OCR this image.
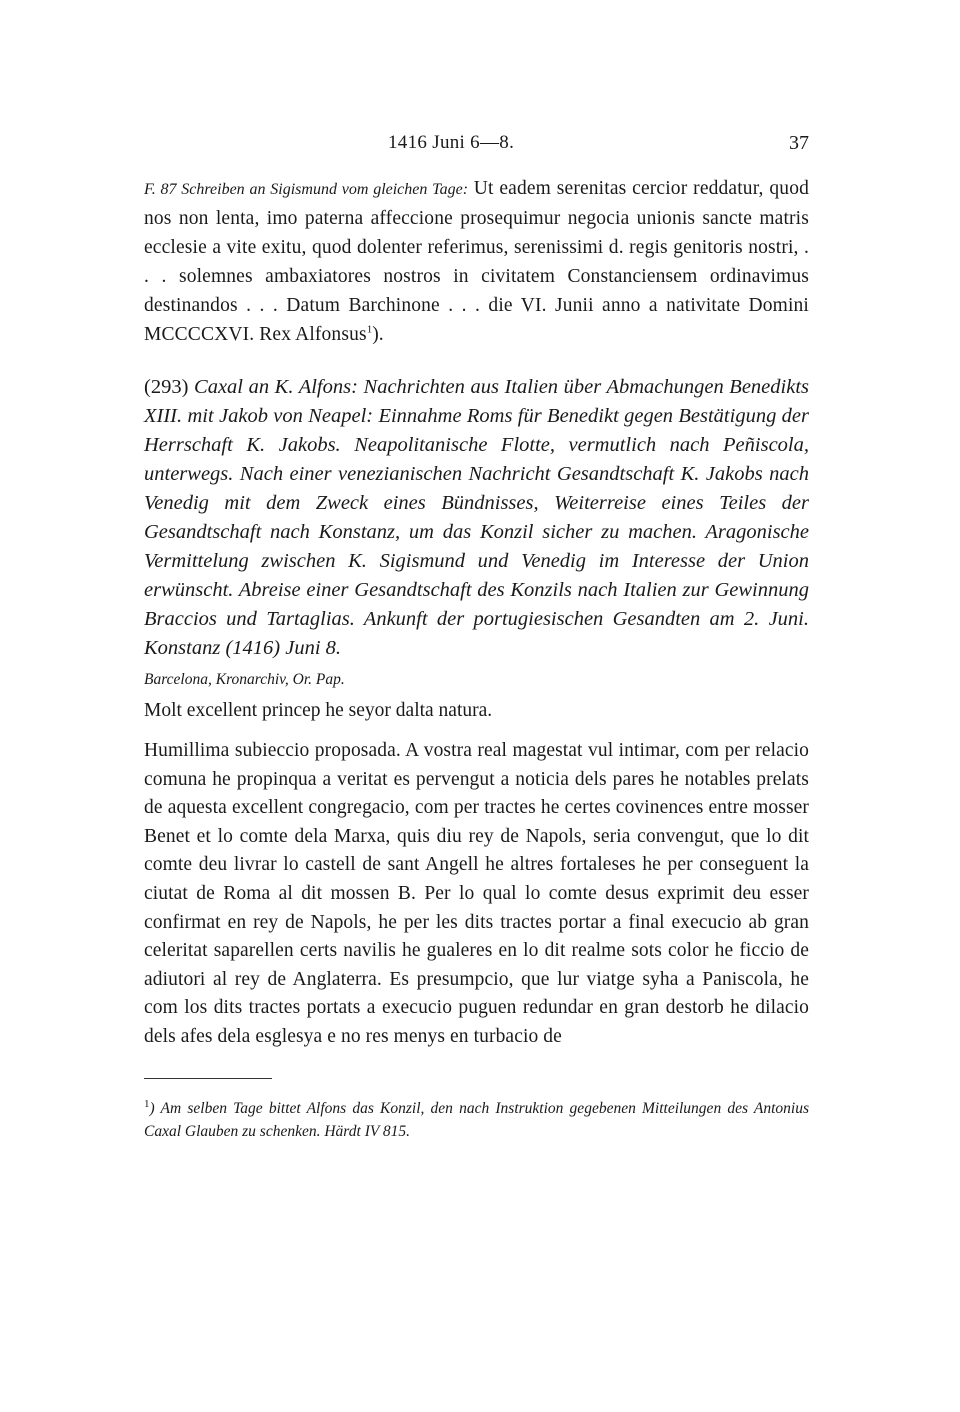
1416 Juni 6—8.	37
F. 87 Schreiben an Sigismund vom gleichen Tage: Ut eadem serenitas cercior reddatur, quod nos non lenta, imo paterna affeccione prosequimur negocia unionis sancte matris ecclesie a vite exitu, quod dolenter referimus, serenissimi d. regis genitoris nostri, . . . solemnes ambaxiatores nostros in civitatem Constanciensem ordinavimus destinandos . . . Datum Barchinone . . . die VI. Junii anno a nativitate Domini MCCCCXVI. Rex Alfonsus$^1$).
(293) Caxal an K. Alfons: Nachrichten aus Italien über Abmachungen Benedikts XIII. mit Jakob von Neapel: Einnahme Roms für Benedikt gegen Bestätigung der Herrschaft K. Jakobs. Neapolitanische Flotte, vermutlich nach Peñiscola, unterwegs. Nach einer venezianischen Nachricht Gesandtschaft K. Jakobs nach Venedig mit dem Zweck eines Bündnisses, Weiterreise eines Teiles der Gesandtschaft nach Konstanz, um das Konzil sicher zu machen. Aragonische Vermittelung zwischen K. Sigismund und Venedig im Interesse der Union erwünscht. Abreise einer Gesandtschaft des Konzils nach Italien zur Gewinnung Braccios und Tartaglias. Ankunft der portugiesischen Gesandten am 2. Juni. Konstanz (1416) Juni 8.
Barcelona, Kronarchiv, Or. Pap.
Molt excellent princep he seyor dalta natura.
Humillima subieccio proposada. A vostra real magestat vul intimar, com per relacio comuna he propinqua a veritat es pervengut a noticia dels pares he notables prelats de aquesta excellent congregacio, com per tractes he certes covinences entre mosser Benet et lo comte dela Marxa, quis diu rey de Napols, seria convengut, que lo dit comte deu livrar lo castell de sant Angell he altres fortaleses he per conseguent la ciutat de Roma al dit mossen B. Per lo qual lo comte desus exprimit deu esser confirmat en rey de Napols, he per les dits tractes portar a final execucio ab gran celeritat saparellen certs navilis he gualeres en lo dit realme sots color he ficcio de adiutori al rey de Anglaterra. Es presumpcio, que lur viatge syha a Paniscola, he com los dits tractes portats a execucio puguen redundar en gran destorb he dilacio dels afes dela esglesya e no res menys en turbacio de
$^1$) Am selben Tage bittet Alfons das Konzil, den nach Instruktion gegebenen Mitteilungen des Antonius Caxal Glauben zu schenken. Härdt IV 815.
